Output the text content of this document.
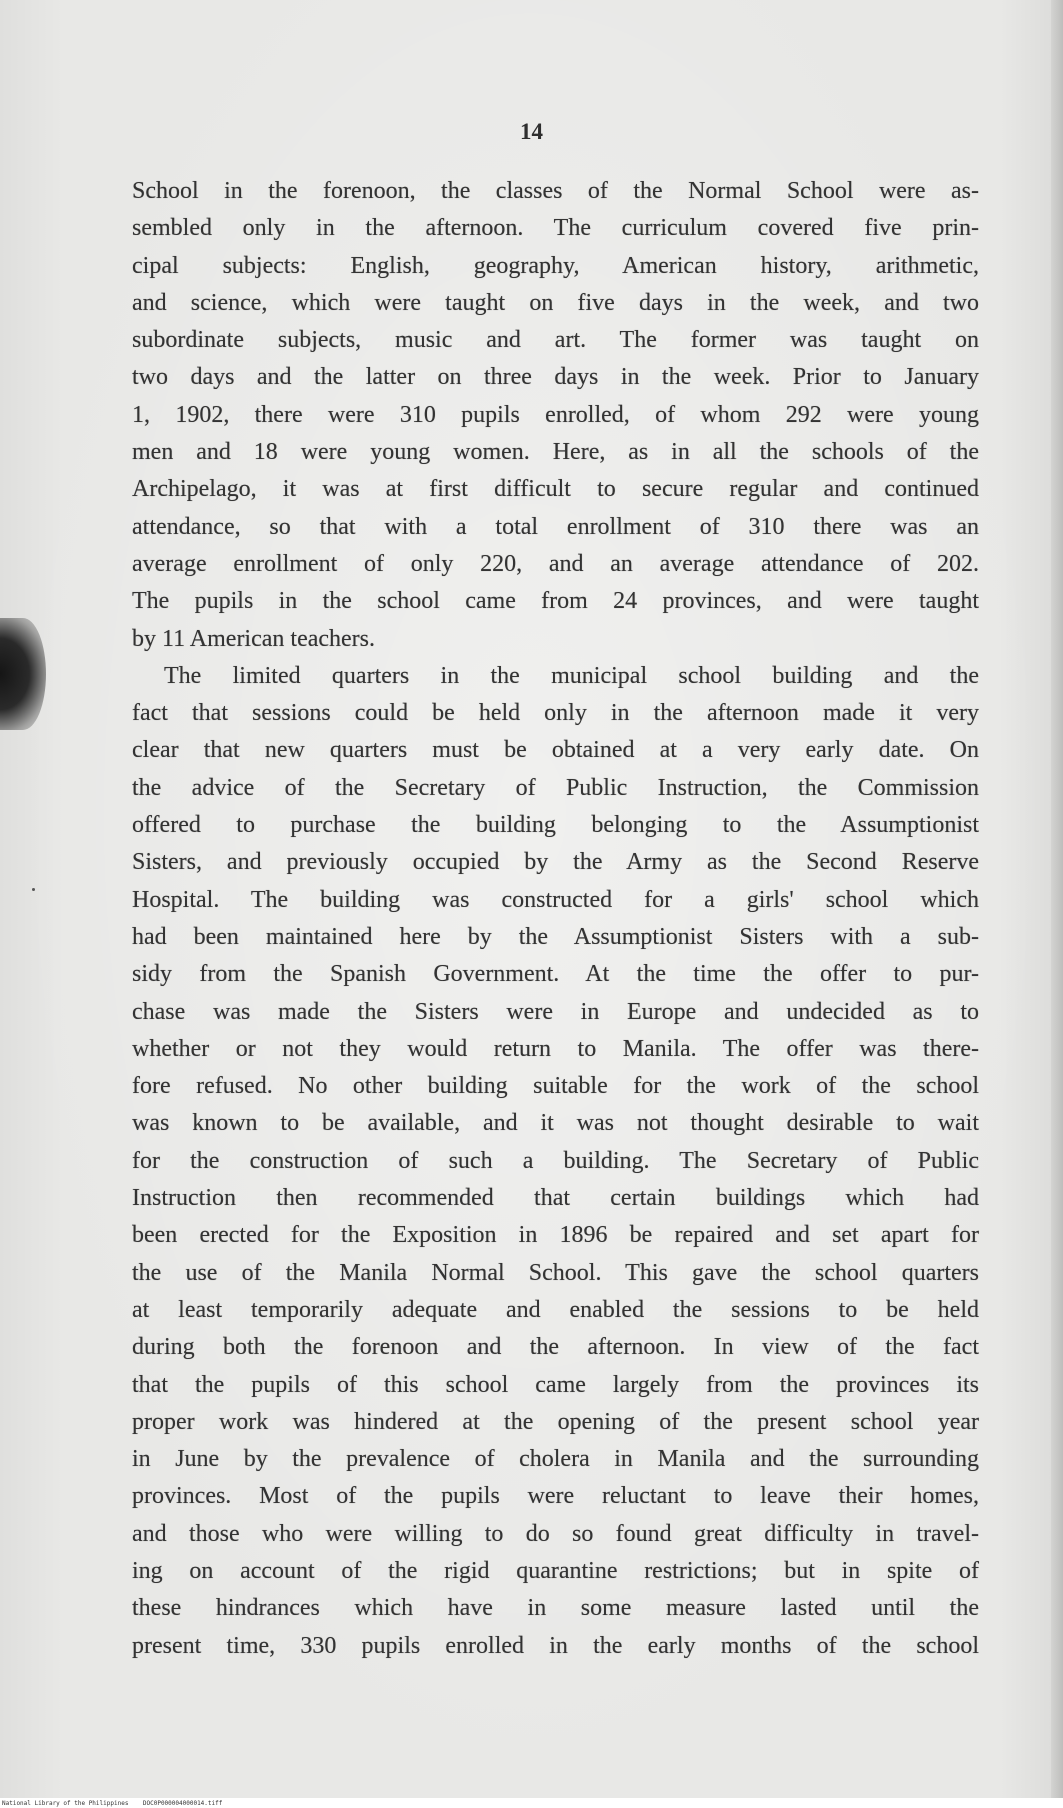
14

School in the forenoon, the classes of the Normal School were as-

sembled only in the afternoon. The curriculum covered five prin-

cipal subjects: English, geography, American history, arithmetic,

and science, which were taught on five days in the week, and two

subordinate subjects, music and art. The former was taught on

two days and the latter on three days in the week. Prior to January

1, 1902, there were 310 pupils enrolled, of whom 292 were young

men and 18 were young women. Here, as in all the schools of the

Archipelago, it was at first difficult to secure regular and continued

attendance, so that with a total enrollment of 310 there was an

average enrollment of only 220, and an average attendance of 202.

The pupils in the school came from 24 provinces, and were taught

by 11 American teachers.

The limited quarters in the municipal school building and the

fact that sessions could be held only in the afternoon made it very

clear that new quarters must be obtained at a very early date. On

the advice of the Secretary of Public Instruction, the Commission

offered to purchase the building belonging to the Assumptionist

Sisters, and previously occupied by the Army as the Second Reserve

Hospital. The building was constructed for a girls' school which

had been maintained here by the Assumptionist Sisters with a sub-

sidy from the Spanish Government. At the time the offer to pur-

chase was made the Sisters were in Europe and undecided as to

whether or not they would return to Manila. The offer was there-

fore refused. No other building suitable for the work of the school

was known to be available, and it was not thought desirable to wait

for the construction of such a building. The Secretary of Public

Instruction then recommended that certain buildings which had

been erected for the Exposition in 1896 be repaired and set apart for

the use of the Manila Normal School. This gave the school quarters

at least temporarily adequate and enabled the sessions to be held

during both the forenoon and the afternoon. In view of the fact

that the pupils of this school came largely from the provinces its

proper work was hindered at the opening of the present school year

in June by the prevalence of cholera in Manila and the surrounding

provinces. Most of the pupils were reluctant to leave their homes,

and those who were willing to do so found great difficulty in travel-

ing on account of the rigid quarantine restrictions; but in spite of

these hindrances which have in some measure lasted until the

present time, 330 pupils enrolled in the early months of the school

National Library of the Philippines    DOC0P000004000014.tiff
